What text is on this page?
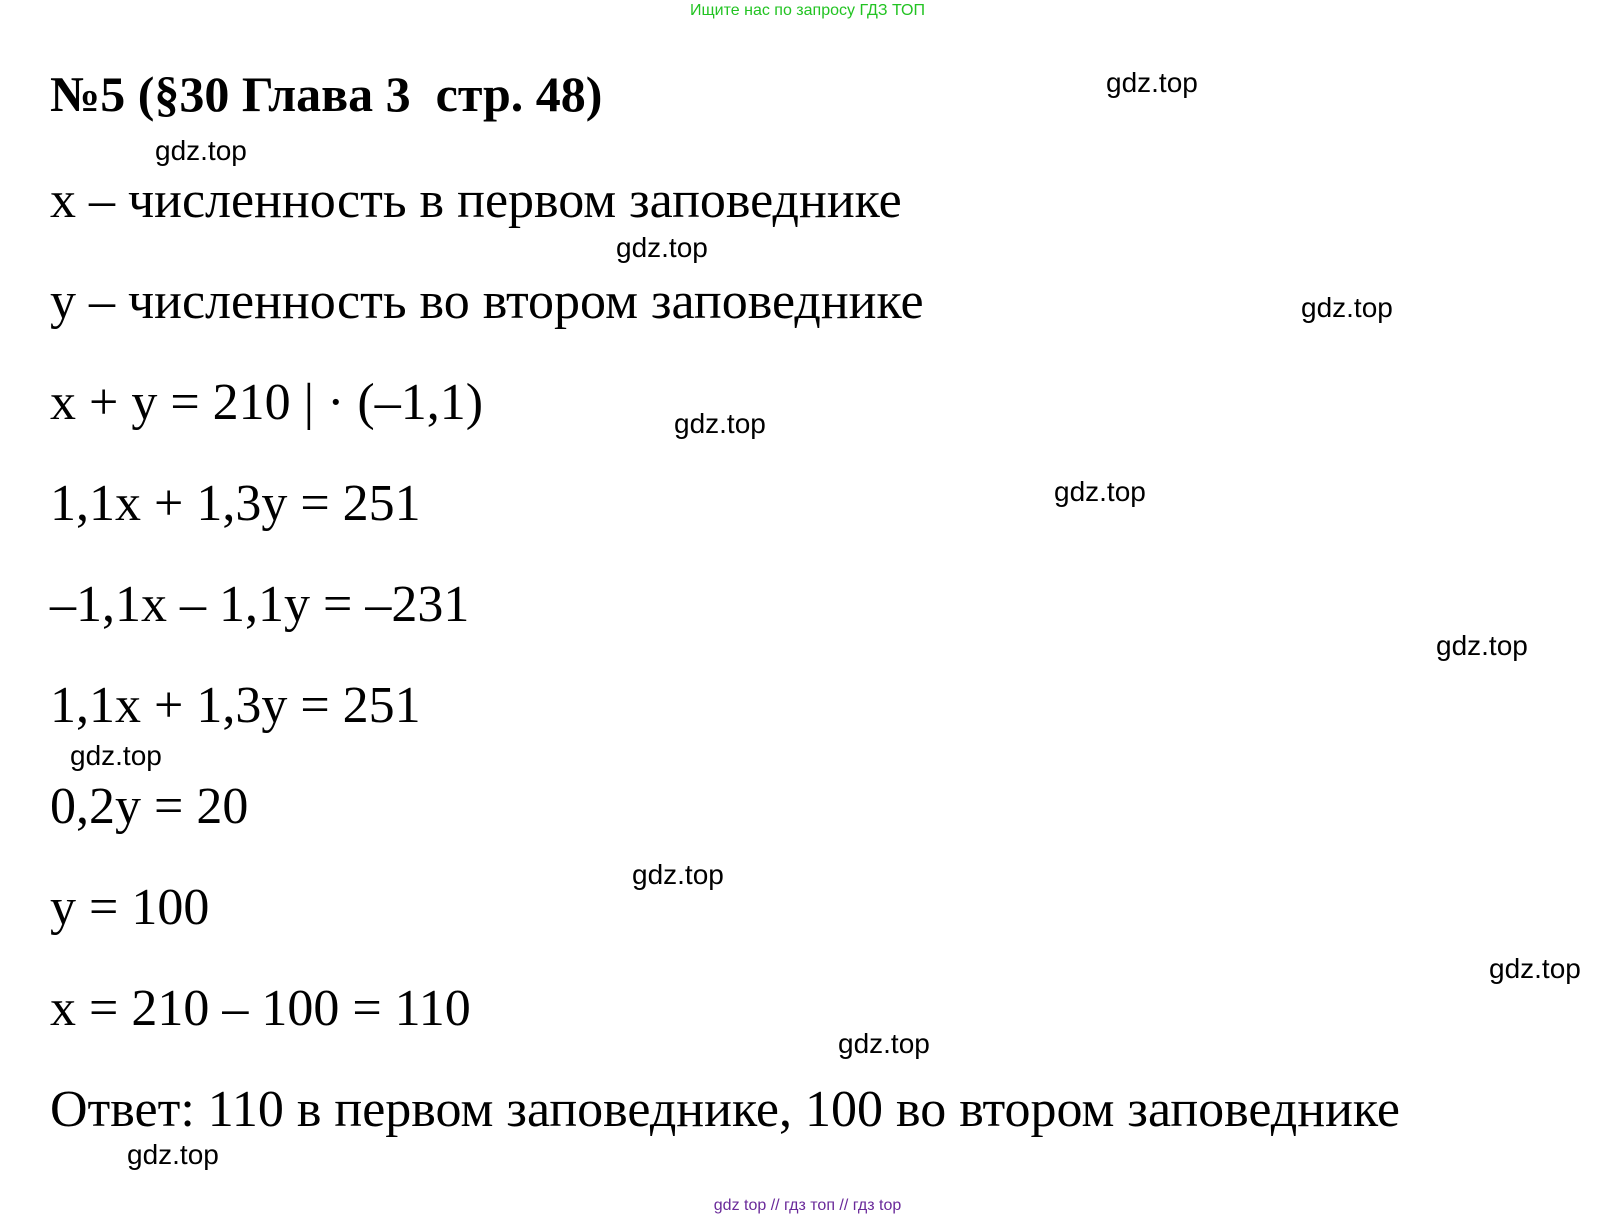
Ищите нас по запросу ГДЗ ТОП
№5 (§30 Глава 3  стр. 48)
x – численность в первом заповеднике
y – численность во втором заповеднике
x + y = 210 | · (–1,1)
1,1x + 1,3y = 251
–1,1x – 1,1y = –231
1,1x + 1,3y = 251
0,2y = 20
y = 100
x = 210 – 100 = 110
Ответ: 110 в первом заповеднике, 100 во втором заповеднике
gdz.top
gdz.top
gdz.top
gdz.top
gdz.top
gdz.top
gdz.top
gdz.top
gdz.top
gdz.top
gdz.top
gdz.top
gdz top // гдз топ // гдз top
